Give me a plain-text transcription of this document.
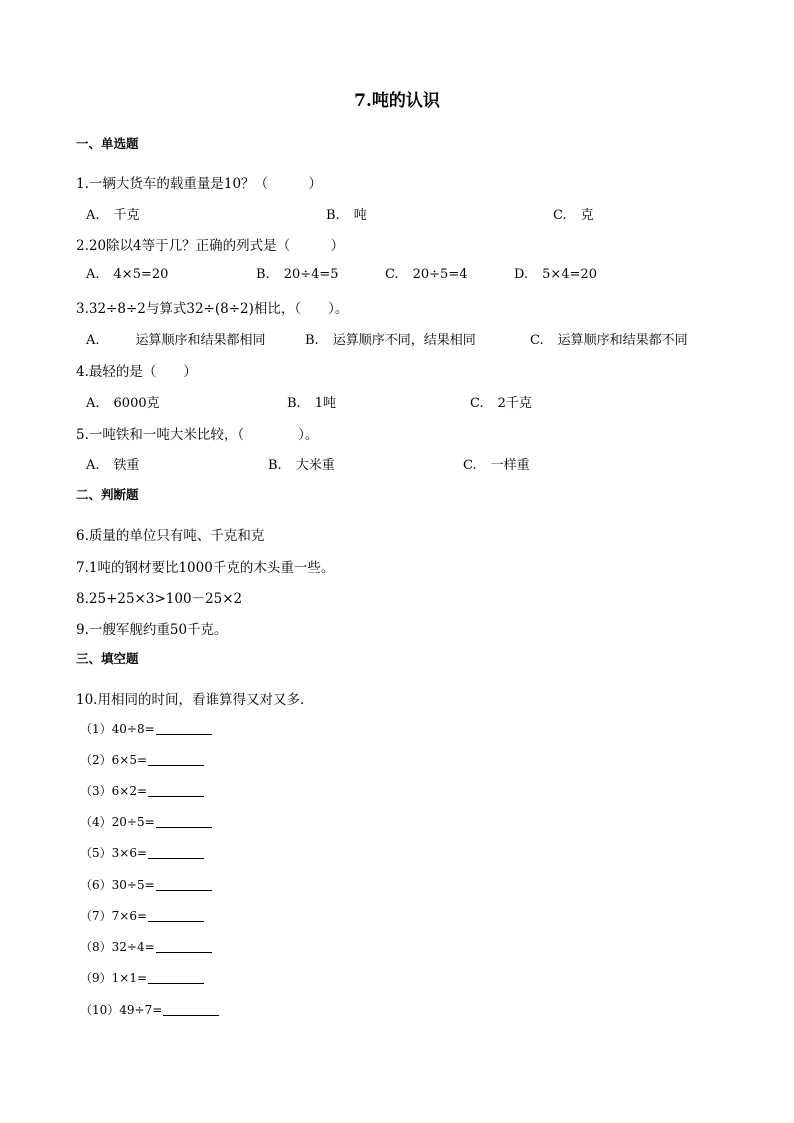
7.吨的认识
一、单选题
1.一辆大货车的载重量是10？（　　　）
A. 千克	B. 吨	C. 克
2.20除以4等于几？正确的列式是（　　　）
A. 4×5=20	B. 20÷4=5	C. 20÷5=4	D. 5×4=20
3.32÷8÷2与算式32÷(8÷2)相比，（　　）。
A.	运算顺序和结果都相同	B. 运算顺序不同，结果相同	C. 运算顺序和结果都不同
4.最轻的是（　　）
A. 6000克	B. 1吨	C. 2千克
5.一吨铁和一吨大米比较，（　　　　）。
A. 铁重	B. 大米重	C. 一样重
二、判断题
6.质量的单位只有吨、千克和克
7.1吨的钢材要比1000千克的木头重一些。
8.25+25×3>100－25×2
9.一艘军舰约重50千克。
三、填空题
10.用相同的时间，看谁算得又对又多．
（1）40÷8=
（2）6×5=
（3）6×2=
（4）20÷5=
（5）3×6=
（6）30÷5=
（7）7×6=
（8）32÷4=
（9）1×1=
（10）49÷7=
